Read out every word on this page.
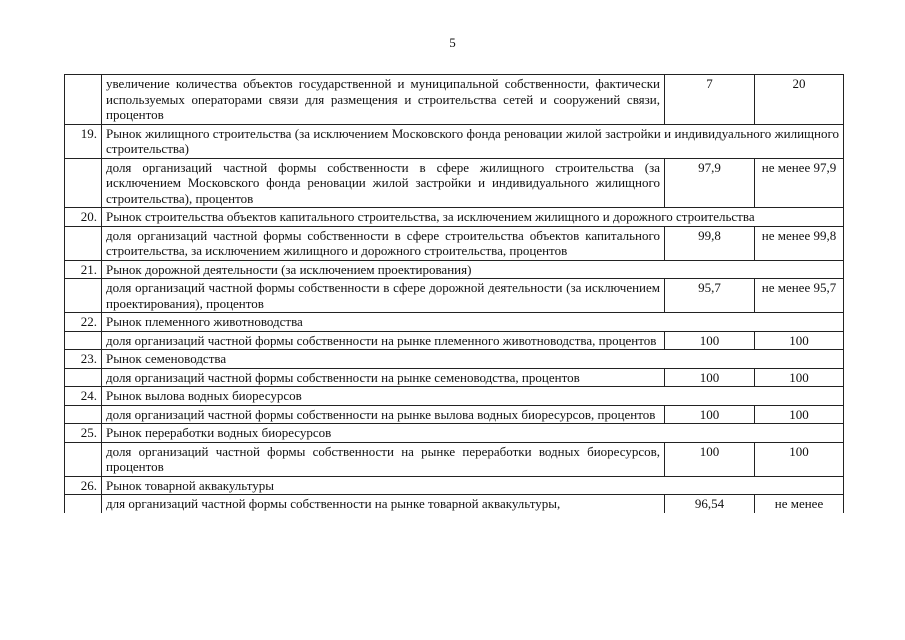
5
	увеличение количества объектов государственной и муниципальной собственности, фактически используемых операторами связи для размещения и строительства сетей и сооружений связи, процентов	7	20
19.	Рынок жилищного строительства (за исключением Московского фонда реновации жилой застройки и индивидуального жилищного строительства)		
	доля организаций частной формы собственности в сфере жилищного строительства (за исключением Московского фонда реновации жилой застройки и индивидуального жилищного строительства), процентов	97,9	не менее 97,9
20.	Рынок строительства объектов капитального строительства, за исключением жилищного и дорожного строительства		
	доля организаций частной формы собственности в сфере строительства объектов капитального строительства, за исключением жилищного и дорожного строительства, процентов	99,8	не менее 99,8
21.	Рынок дорожной деятельности (за исключением проектирования)		
	доля организаций частной формы собственности в сфере дорожной деятельности (за исключением проектирования), процентов	95,7	не менее 95,7
22.	Рынок племенного животноводства		
	доля организаций частной формы собственности на рынке племенного животноводства, процентов	100	100
23.	Рынок семеноводства		
	доля организаций частной формы собственности на рынке семеноводства, процентов	100	100
24.	Рынок вылова водных биоресурсов		
	доля организаций частной формы собственности на рынке вылова водных биоресурсов, процентов	100	100
25.	Рынок переработки водных биоресурсов		
	доля организаций частной формы собственности на рынке переработки водных биоресурсов, процентов	100	100
26.	Рынок товарной аквакультуры		
	для организаций частной формы собственности на рынке товарной аквакультуры,	96,54	не менее
